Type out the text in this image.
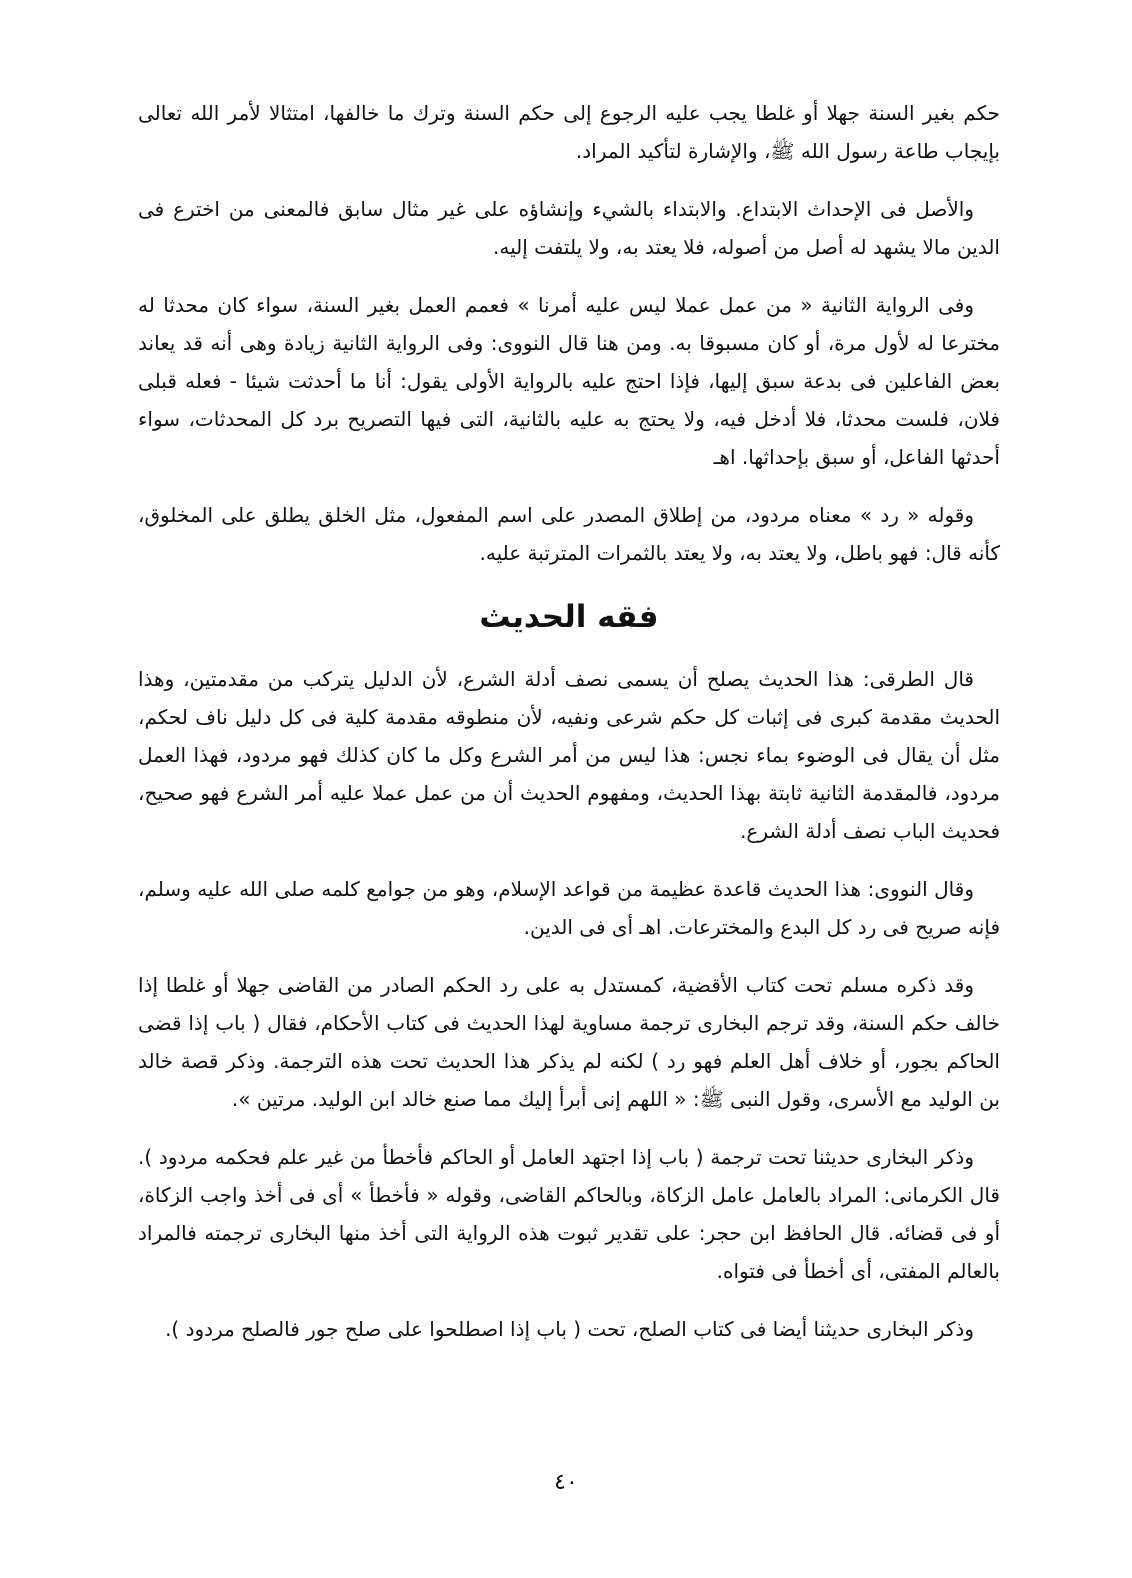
حكم بغير السنة جهلا أو غلطا يجب عليه الرجوع إلى حكم السنة وترك ما خالفها، امتثالا لأمر الله تعالى بإيجاب طاعة رسول الله ﷺ، والإشارة لتأكيد المراد.

والأصل فى الإحداث الابتداع. والابتداء بالشيء وإنشاؤه على غير مثال سابق فالمعنى من اخترع فى الدين مالا يشهد له أصل من أصوله، فلا يعتد به، ولا يلتفت إليه.

وفى الرواية الثانية « من عمل عملا ليس عليه أمرنا » فعمم العمل بغير السنة، سواء كان محدثا له مخترعا له لأول مرة، أو كان مسبوقا به. ومن هنا قال النووى: وفى الرواية الثانية زيادة وهى أنه قد يعاند بعض الفاعلين فى بدعة سبق إليها، فإذا احتج عليه بالرواية الأولى يقول: أنا ما أحدثت شيئا - فعله قبلى فلان، فلست محدثا، فلا أدخل فيه، ولا يحتج به عليه بالثانية، التى فيها التصريح برد كل المحدثات، سواء أحدثها الفاعل، أو سبق بإحداثها. اهـ

وقوله « رد » معناه مردود، من إطلاق المصدر على اسم المفعول، مثل الخلق يطلق على المخلوق، كأنه قال: فهو باطل، ولا يعتد به، ولا يعتد بالثمرات المترتبة عليه.

فقه الحديث

قال الطرقى: هذا الحديث يصلح أن يسمى نصف أدلة الشرع، لأن الدليل يتركب من مقدمتين، وهذا الحديث مقدمة كبرى فى إثبات كل حكم شرعى ونفيه، لأن منطوقه مقدمة كلية فى كل دليل ناف لحكم، مثل أن يقال فى الوضوء بماء نجس: هذا ليس من أمر الشرع وكل ما كان كذلك فهو مردود، فهذا العمل مردود، فالمقدمة الثانية ثابتة بهذا الحديث، ومفهوم الحديث أن من عمل عملا عليه أمر الشرع فهو صحيح، فحديث الباب نصف أدلة الشرع.

وقال النووى: هذا الحديث قاعدة عظيمة من قواعد الإسلام، وهو من جوامع كلمه صلى الله عليه وسلم، فإنه صريح فى رد كل البدع والمخترعات. اهـ أى فى الدين.

وقد ذكره مسلم تحت كتاب الأقضية، كمستدل به على رد الحكم الصادر من القاضى جهلا أو غلطا إذا خالف حكم السنة، وقد ترجم البخارى ترجمة مساوية لهذا الحديث فى كتاب الأحكام، فقال ( باب إذا قضى الحاكم بجور، أو خلاف أهل العلم فهو رد ) لكنه لم يذكر هذا الحديث تحت هذه الترجمة. وذكر قصة خالد بن الوليد مع الأسرى، وقول النبى ﷺ: « اللهم إنى أبرأ إليك مما صنع خالد ابن الوليد. مرتين ».

وذكر البخارى حديثنا تحت ترجمة ( باب إذا اجتهد العامل أو الحاكم فأخطأ من غير علم فحكمه مردود ). قال الكرمانى: المراد بالعامل عامل الزكاة، وبالحاكم القاضى، وقوله « فأخطأ » أى فى أخذ واجب الزكاة، أو فى قضائه. قال الحافظ ابن حجر: على تقدير ثبوت هذه الرواية التى أخذ منها البخارى ترجمته فالمراد بالعالم المفتى، أى أخطأ فى فتواه.

وذكر البخارى حديثنا أيضا فى كتاب الصلح، تحت ( باب إذا اصطلحوا على صلح جور فالصلح مردود ).

٤٠
